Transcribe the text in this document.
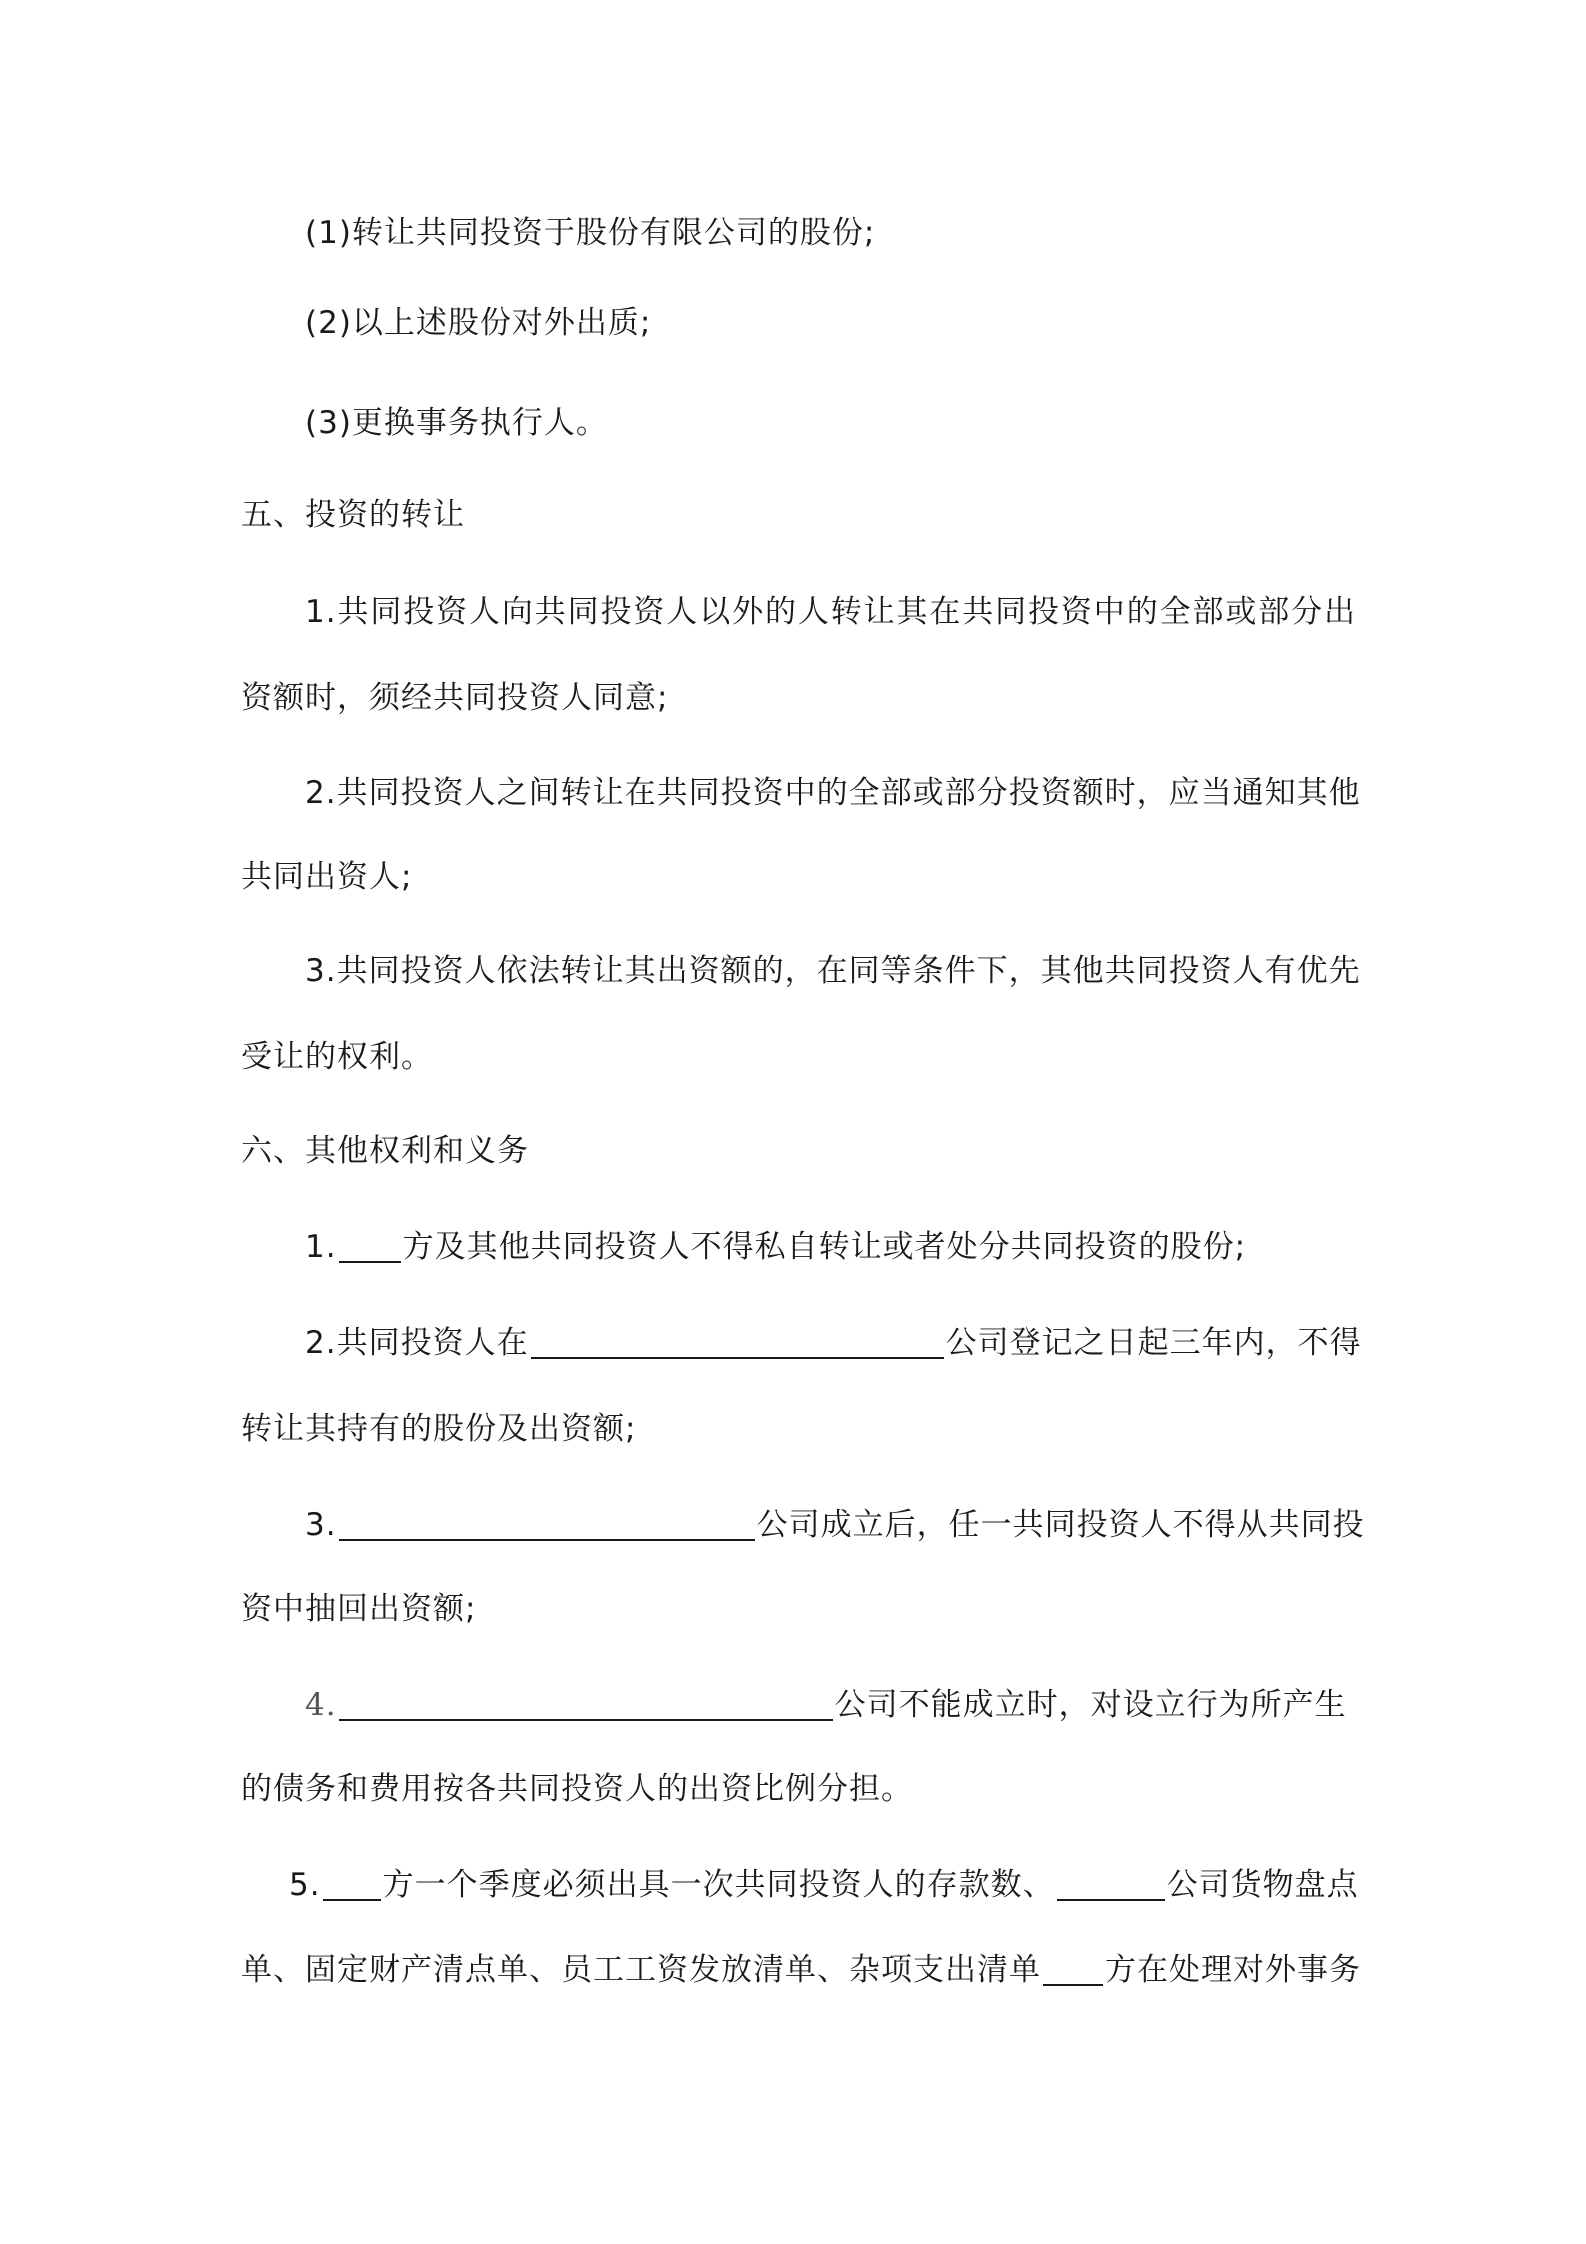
(1)转让共同投资于股份有限公司的股份;
(2)以上述股份对外出质;
(3)更换事务执行人。
五、投资的转让
1.共同投资人向共同投资人以外的人转让其在共同投资中的全部或部分出
资额时，须经共同投资人同意;
2.共同投资人之间转让在共同投资中的全部或部分投资额时，应当通知其他
共同出资人;
3.共同投资人依法转让其出资额的，在同等条件下，其他共同投资人有优先
受让的权利。
六、其他权利和义务
1. 方及其他共同投资人不得私自转让或者处分共同投资的股份;
2.共同投资人在	公司登记之日起三年内，不得
转让其持有的股份及出资额;
3.	公司成立后，任一共同投资人不得从共同投
资中抽回出资额;
4.	公司不能成立时，对设立行为所产生
的债务和费用按各共同投资人的出资比例分担。
5. 方一个季度必须出具一次共同投资人的存款数、	公司货物盘点
单、固定财产清点单、员工工资发放清单、杂项支出清单 方在处理对外事务
